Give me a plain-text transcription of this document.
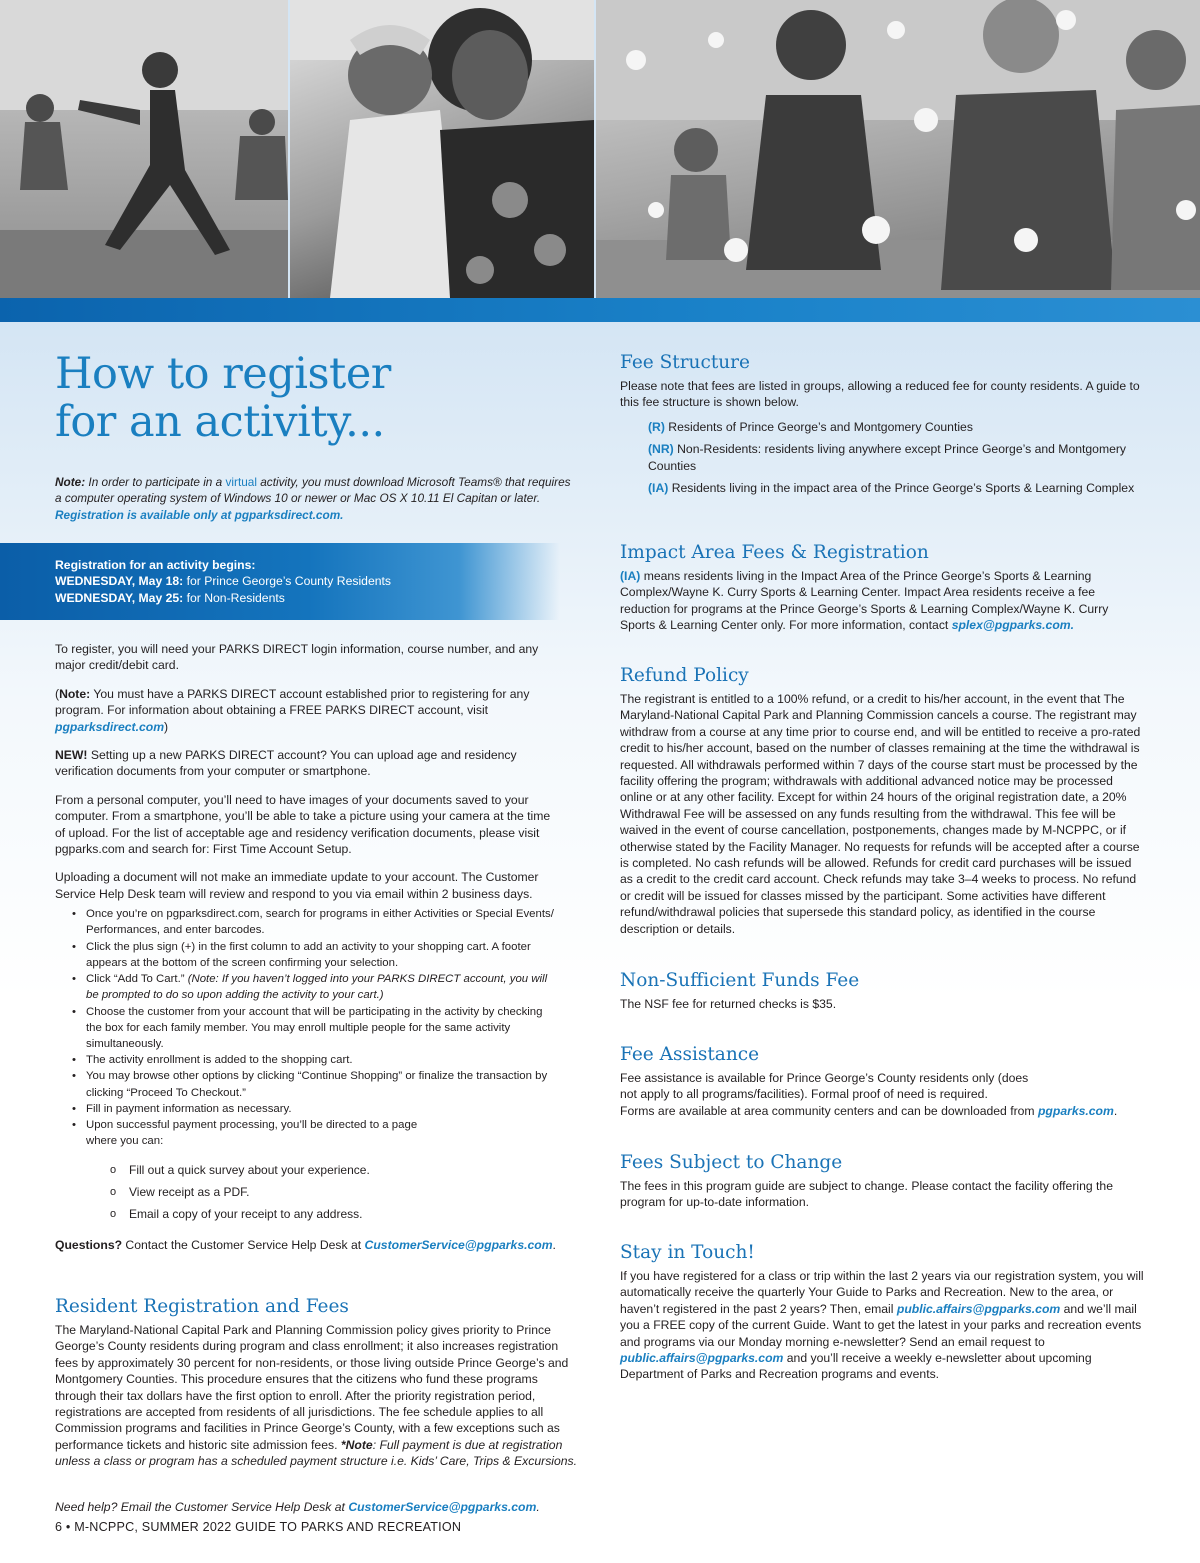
How to register
for an activity...
Note: In order to participate in a virtual activity, you must download Microsoft Teams® that requires a computer operating system of Windows 10 or newer or Mac OS X 10.11 El Capitan or later. Registration is available only at pgparksdirect.com.
Registration for an activity begins:
WEDNESDAY, May 18: for Prince George’s County Residents
WEDNESDAY, May 25: for Non-Residents

To register, you will need your PARKS DIRECT login information, course number, and any major credit/debit card.

(Note: You must have a PARKS DIRECT account established prior to registering for any program. For information about obtaining a FREE PARKS DIRECT account, visit pgparksdirect.com)

NEW! Setting up a new PARKS DIRECT account? You can upload age and residency verification documents from your computer or smartphone.

From a personal computer, you’ll need to have images of your documents saved to your computer. From a smartphone, you’ll be able to take a picture using your camera at the time of upload. For the list of acceptable age and residency verification documents, please visit pgparks.com and search for: First Time Account Setup.

Uploading a document will not make an immediate update to your account. The Customer Service Help Desk team will review and respond to you via email within 2 business days.

• Once you’re on pgparksdirect.com, search for programs in either Activities or Special Events/ Performances, and enter barcodes.
• Click the plus sign (+) in the first column to add an activity to your shopping cart. A footer appears at the bottom of the screen confirming your selection.
• Click “Add To Cart.” (Note: If you haven’t logged into your PARKS DIRECT account, you will be prompted to do so upon adding the activity to your cart.)
• Choose the customer from your account that will be participating in the activity by checking the box for each family member. You may enroll multiple people for the same activity simultaneously.
• The activity enrollment is added to the shopping cart.
• You may browse other options by clicking “Continue Shopping” or finalize the transaction by clicking “Proceed To Checkout.”
• Fill in payment information as necessary.
• Upon successful payment processing, you’ll be directed to a page where you can:
o Fill out a quick survey about your experience.
o View receipt as a PDF.
o Email a copy of your receipt to any address.

Questions? Contact the Customer Service Help Desk at CustomerService@pgparks.com.

Resident Registration and Fees

The Maryland-National Capital Park and Planning Commission policy gives priority to Prince George’s County residents during program and class enrollment; it also increases registration fees by approximately 30 percent for non-residents, or those living outside Prince George’s and Montgomery Counties. This procedure ensures that the citizens who fund these programs through their tax dollars have the first option to enroll. After the priority registration period, registrations are accepted from residents of all jurisdictions. The fee schedule applies to all Commission programs and facilities in Prince George’s County, with a few exceptions such as performance tickets and historic site admission fees. *Note: Full payment is due at registration unless a class or program has a scheduled payment structure i.e. Kids’ Care, Trips & Excursions.

Need help? Email the Customer Service Help Desk at CustomerService@pgparks.com.
6 • M-NCPPC, SUMMER 2022 GUIDE TO PARKS AND RECREATION
Fee Structure

Please note that fees are listed in groups, allowing a reduced fee for county residents. A guide to this fee structure is shown below.

(R) Residents of Prince George’s and Montgomery Counties

(NR) Non-Residents: residents living anywhere except Prince George’s and Montgomery Counties

(IA) Residents living in the impact area of the Prince George’s Sports & Learning Complex

Impact Area Fees & Registration

(IA) means residents living in the Impact Area of the Prince George’s Sports & Learning Complex/Wayne K. Curry Sports & Learning Center. Impact Area residents receive a fee reduction for programs at the Prince George’s Sports & Learning Complex/Wayne K. Curry Sports & Learning Center only. For more information, contact splex@pgparks.com.

Refund Policy

The registrant is entitled to a 100% refund, or a credit to his/her account, in the event that The Maryland-National Capital Park and Planning Commission cancels a course. The registrant may withdraw from a course at any time prior to course end, and will be entitled to receive a pro-rated credit to his/her account, based on the number of classes remaining at the time the withdrawal is requested. All withdrawals performed within 7 days of the course start must be processed by the facility offering the program; withdrawals with additional advanced notice may be processed online or at any other facility. Except for within 24 hours of the original registration date, a 20% Withdrawal Fee will be assessed on any funds resulting from the withdrawal. This fee will be waived in the event of course cancellation, postponements, changes made by M-NCPPC, or if otherwise stated by the Facility Manager. No requests for refunds will be accepted after a course is completed. No cash refunds will be allowed. Refunds for credit card purchases will be issued as a credit to the credit card account. Check refunds may take 3–4 weeks to process. No refund or credit will be issued for classes missed by the participant. Some activities have different refund/withdrawal policies that supersede this standard policy, as identified in the course description or details.

Non-Sufficient Funds Fee

The NSF fee for returned checks is $35.

Fee Assistance

Fee assistance is available for Prince George’s County residents only (does

not apply to all programs/facilities). Formal proof of need is required.

Forms are available at area community centers and can be downloaded from pgparks.com.

Fees Subject to Change

The fees in this program guide are subject to change. Please contact the facility offering the program for up-to-date information.

Stay in Touch!

If you have registered for a class or trip within the last 2 years via our registration system, you will automatically receive the quarterly Your Guide to Parks and Recreation. New to the area, or haven’t registered in the past 2 years? Then, email public.affairs@pgparks.com and we’ll mail you a FREE copy of the current Guide. Want to get the latest in your parks and recreation events and programs via our Monday morning e-newsletter? Send an email request to public.affairs@pgparks.com and you’ll receive a weekly e-newsletter about upcoming Department of Parks and Recreation programs and events.
